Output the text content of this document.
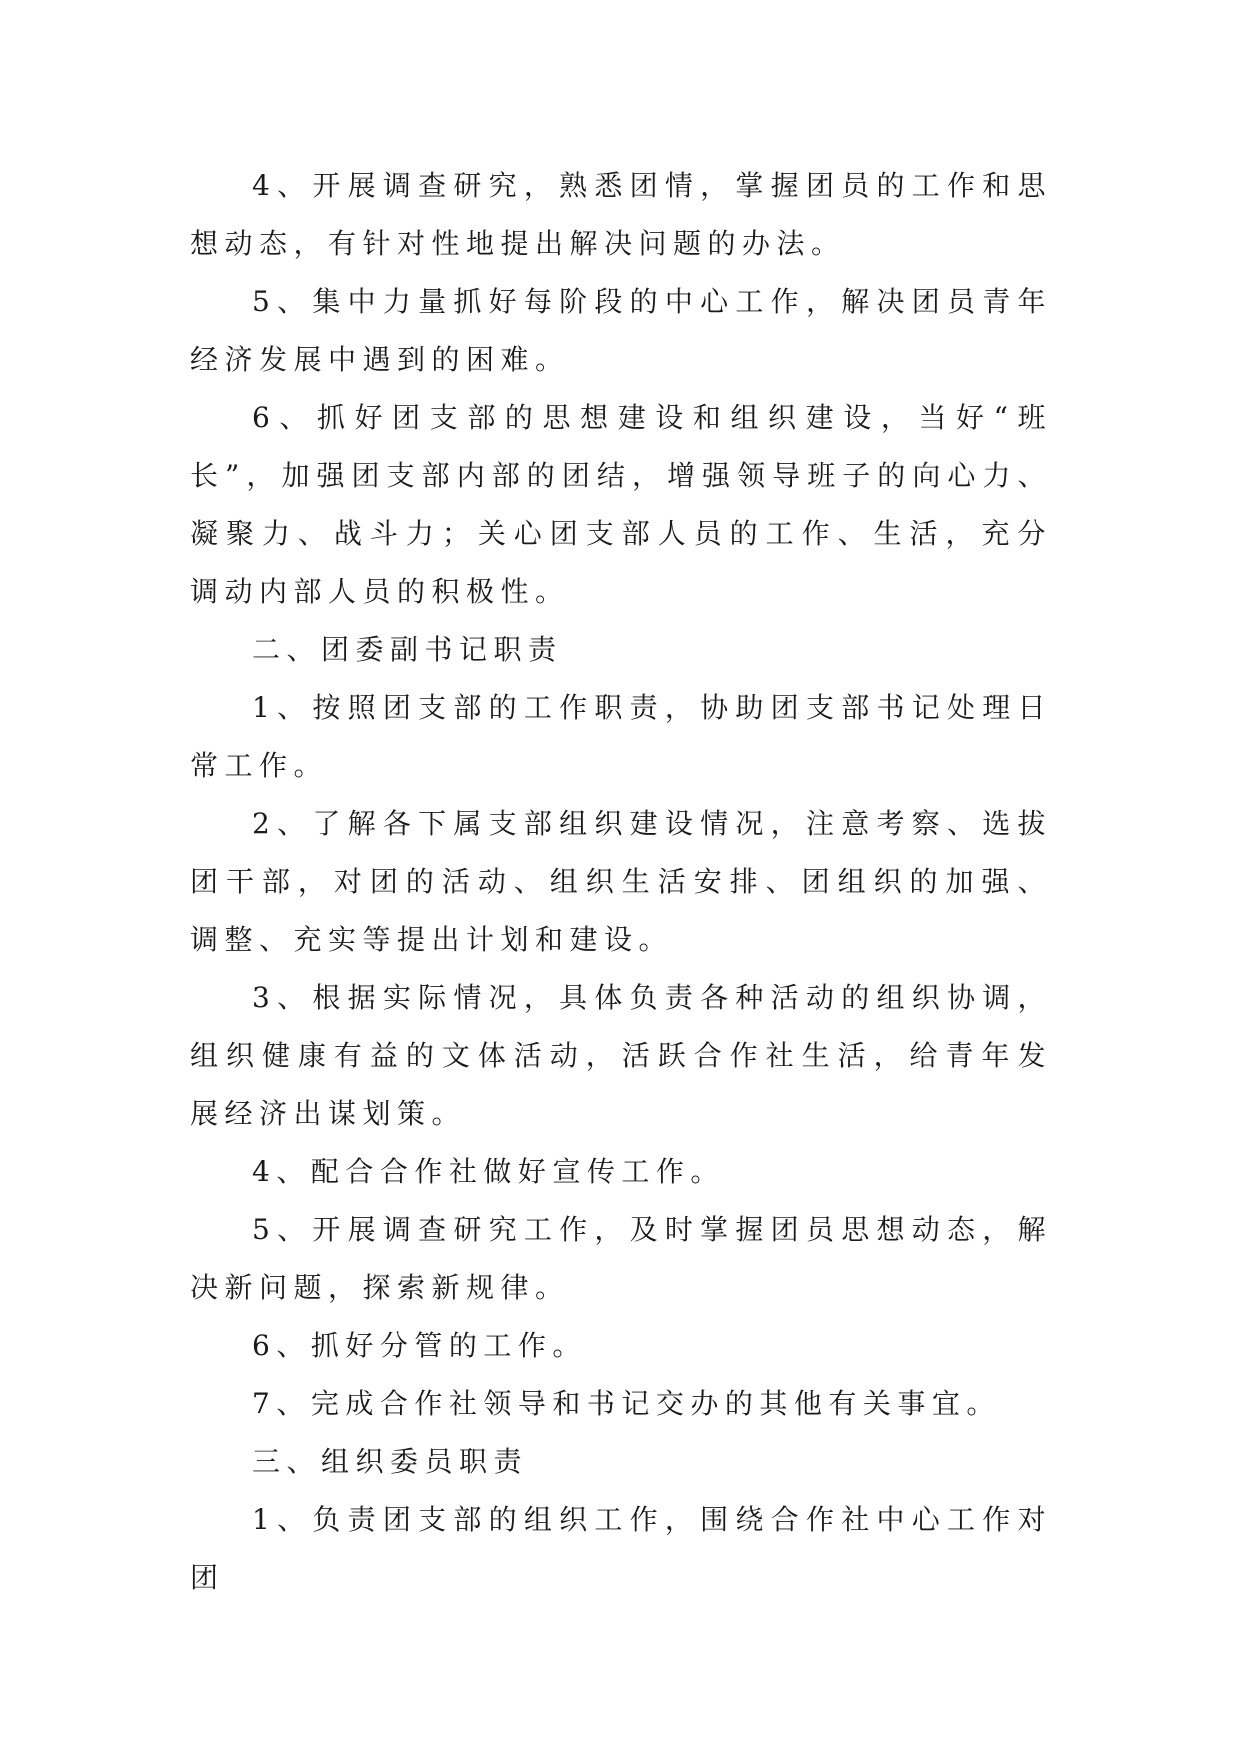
4、开展调查研究，熟悉团情，掌握团员的工作和思想动态，有针对性地提出解决问题的办法。

5、集中力量抓好每阶段的中心工作，解决团员青年经济发展中遇到的困难。

6、抓好团支部的思想建设和组织建设，当好“班长”，加强团支部内部的团结，增强领导班子的向心力、凝聚力、战斗力；关心团支部人员的工作、生活，充分调动内部人员的积极性。

二、团委副书记职责

1、按照团支部的工作职责，协助团支部书记处理日常工作。

2、了解各下属支部组织建设情况，注意考察、选拔团干部，对团的活动、组织生活安排、团组织的加强、调整、充实等提出计划和建设。

3、根据实际情况，具体负责各种活动的组织协调，组织健康有益的文体活动，活跃合作社生活，给青年发展经济出谋划策。

4、配合合作社做好宣传工作。

5、开展调查研究工作，及时掌握团员思想动态，解决新问题，探索新规律。

6、抓好分管的工作。

7、完成合作社领导和书记交办的其他有关事宜。

三、组织委员职责

1、负责团支部的组织工作，围绕合作社中心工作对团
